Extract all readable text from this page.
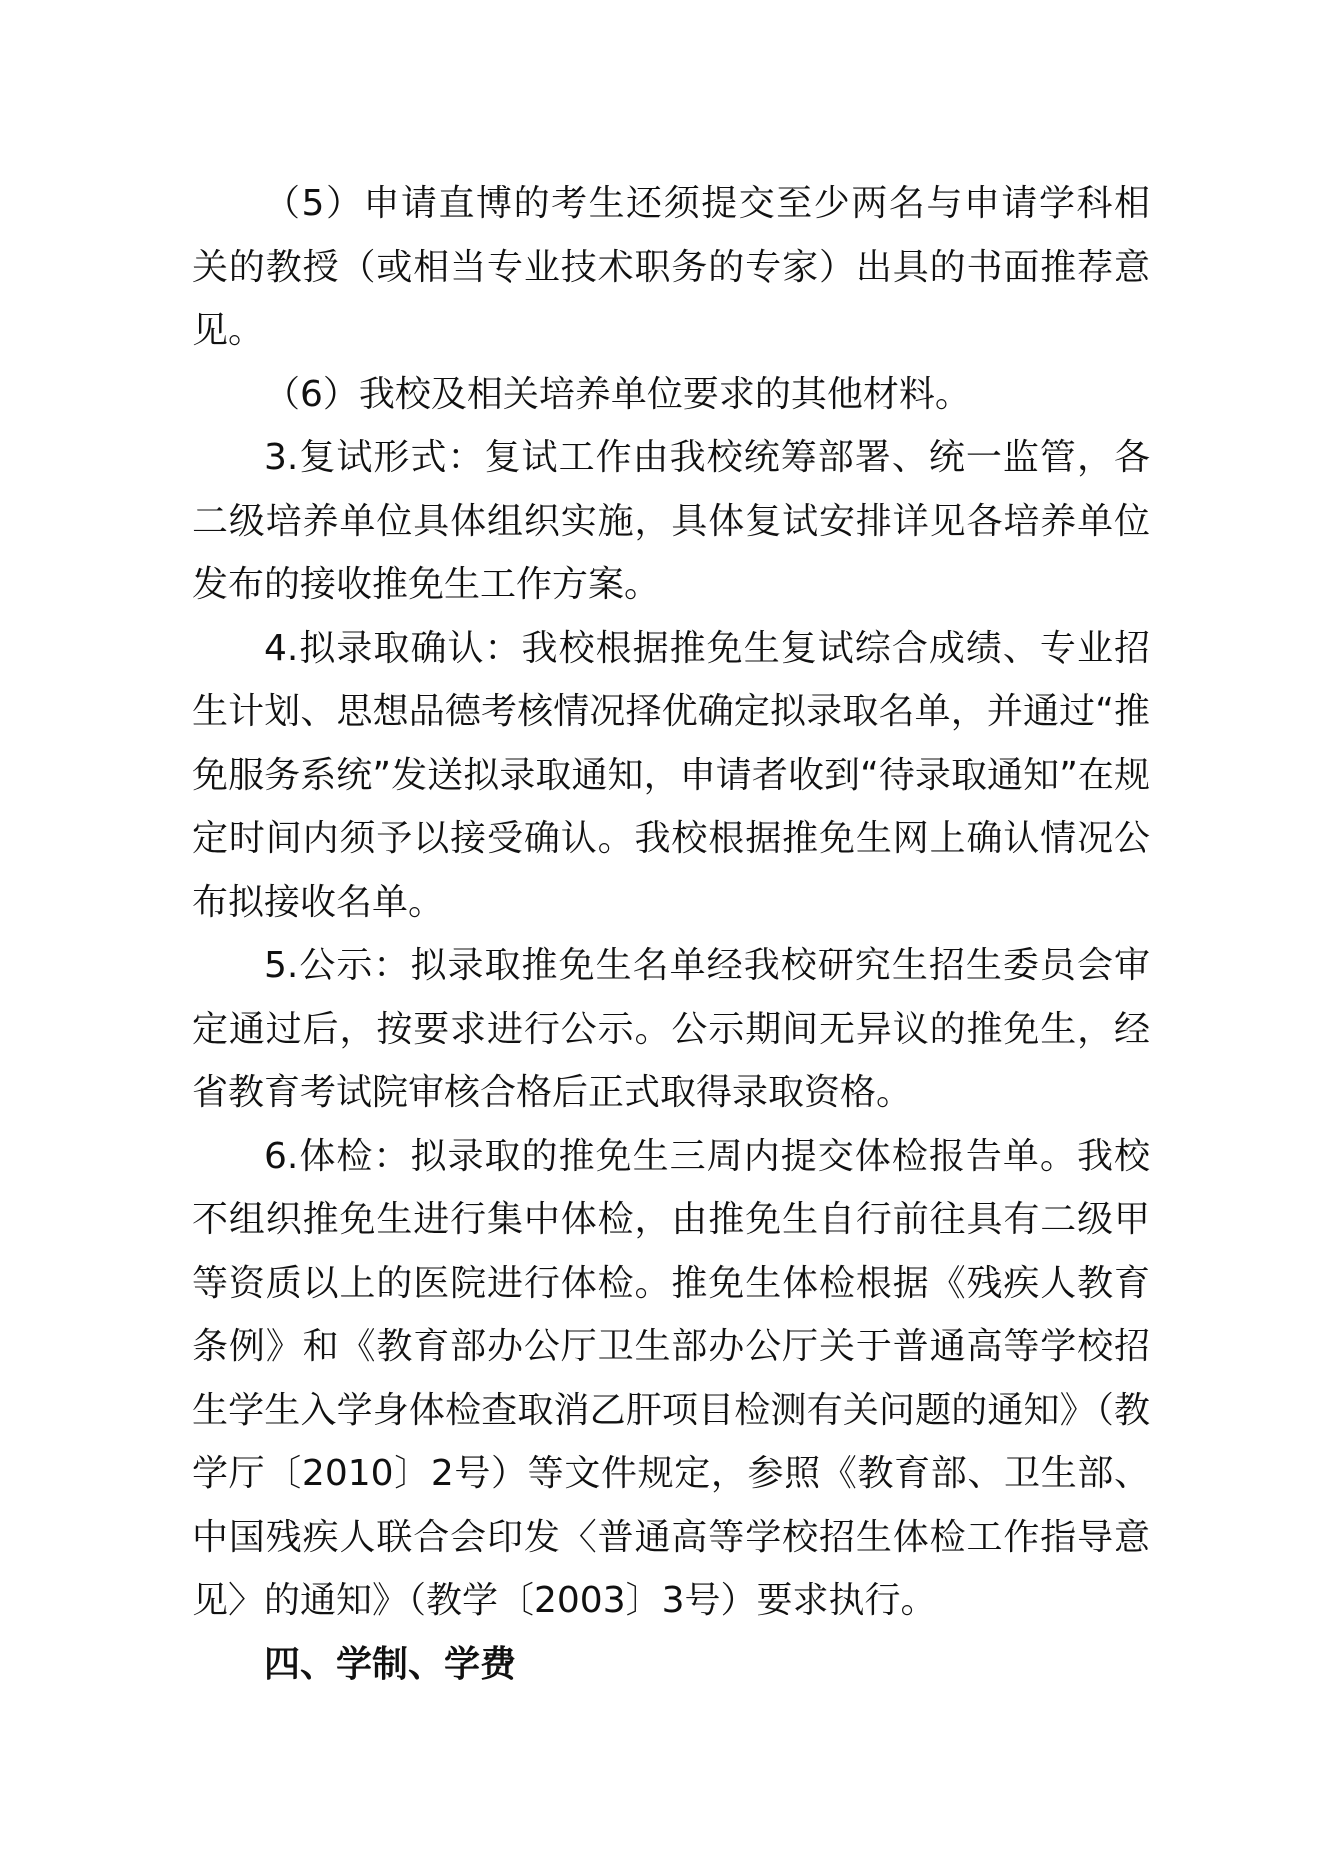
（5）申请直博的考生还须提交至少两名与申请学科相关的教授（或相当专业技术职务的专家）出具的书面推荐意见。

（6）我校及相关培养单位要求的其他材料。

3.复试形式：复试工作由我校统筹部署、统一监管，各二级培养单位具体组织实施，具体复试安排详见各培养单位发布的接收推免生工作方案。

4.拟录取确认：我校根据推免生复试综合成绩、专业招生计划、思想品德考核情况择优确定拟录取名单，并通过“推免服务系统”发送拟录取通知，申请者收到“待录取通知”在规定时间内须予以接受确认。我校根据推免生网上确认情况公布拟接收名单。

5.公示：拟录取推免生名单经我校研究生招生委员会审定通过后，按要求进行公示。公示期间无异议的推免生，经省教育考试院审核合格后正式取得录取资格。

6.体检：拟录取的推免生三周内提交体检报告单。我校不组织推免生进行集中体检，由推免生自行前往具有二级甲等资质以上的医院进行体检。推免生体检根据《残疾人教育条例》和《教育部办公厅卫生部办公厅关于普通高等学校招生学生入学身体检查取消乙肝项目检测有关问题的通知》（教学厅〔2010〕2号）等文件规定，参照《教育部、卫生部、中国残疾人联合会印发〈普通高等学校招生体检工作指导意见〉的通知》（教学〔2003〕3号）要求执行。

四、学制、学费
